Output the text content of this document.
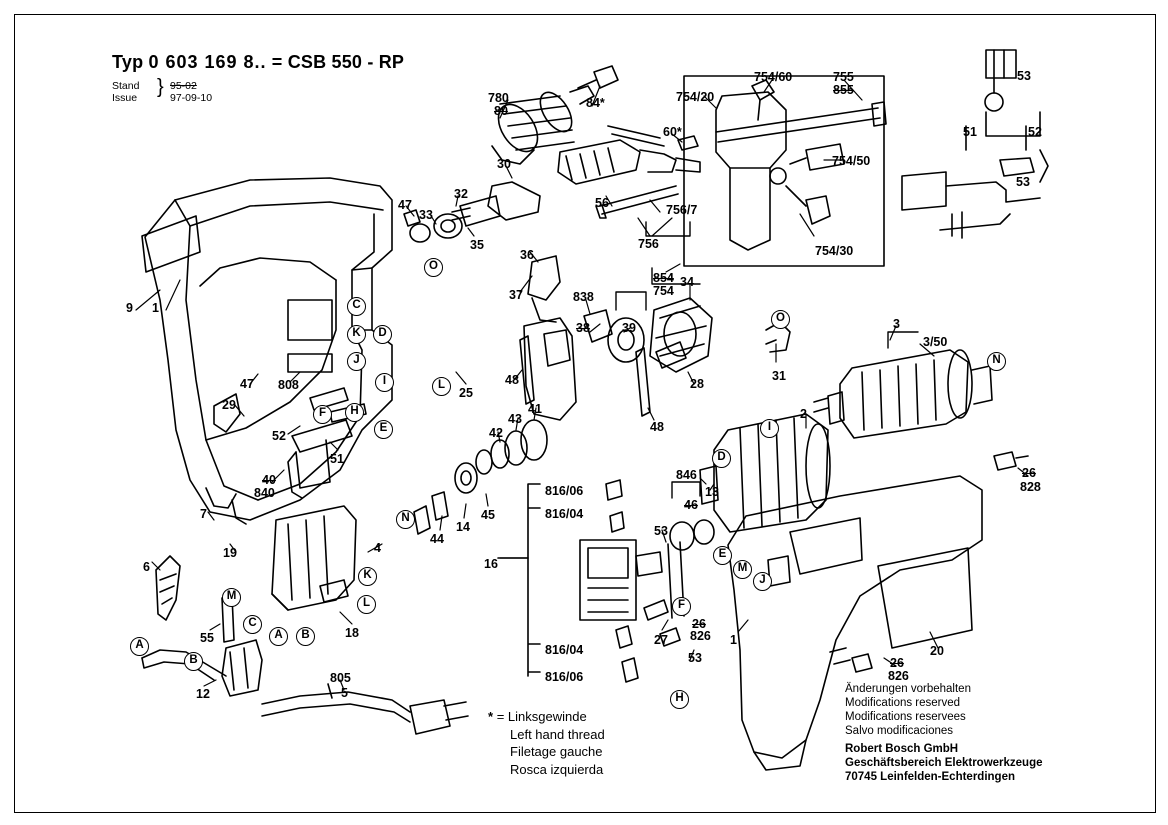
Typ 0 603 169 8.. = CSB 550 - RP
Stand
Issue } 95-02
97-09-10
9 1
47
33
32
35
30
780
80
84*
60*
56	756/7
756
754/20
754/60	755
855
754/50
754/30
854
754
51	52
53
53
36
37	838
38	39
34
31
3
3/50
25
808
47
29
52
51
840
40
48
48
28
41
43
42
44
14
45
2
13
846
46
16
816/06
816/04
816/04
816/06
53
53
27 826
26
828
26
826
26
1
20
4
18
55
7
19
6
12
805
5
O
C
K	D
J
I	L
F	H
E
N
K
L
M
C
A	B
A
B
H
F
E
M
J
D
I
O
N
* = Linksgewinde
Left hand thread
Filetage gauche
Rosca izquierda
Änderungen vorbehalten
Modifications reserved
Modifications reservees
Salvo modificaciones
Robert Bosch GmbH
Geschäftsbereich Elektrowerkzeuge
70745 Leinfelden-Echterdingen
